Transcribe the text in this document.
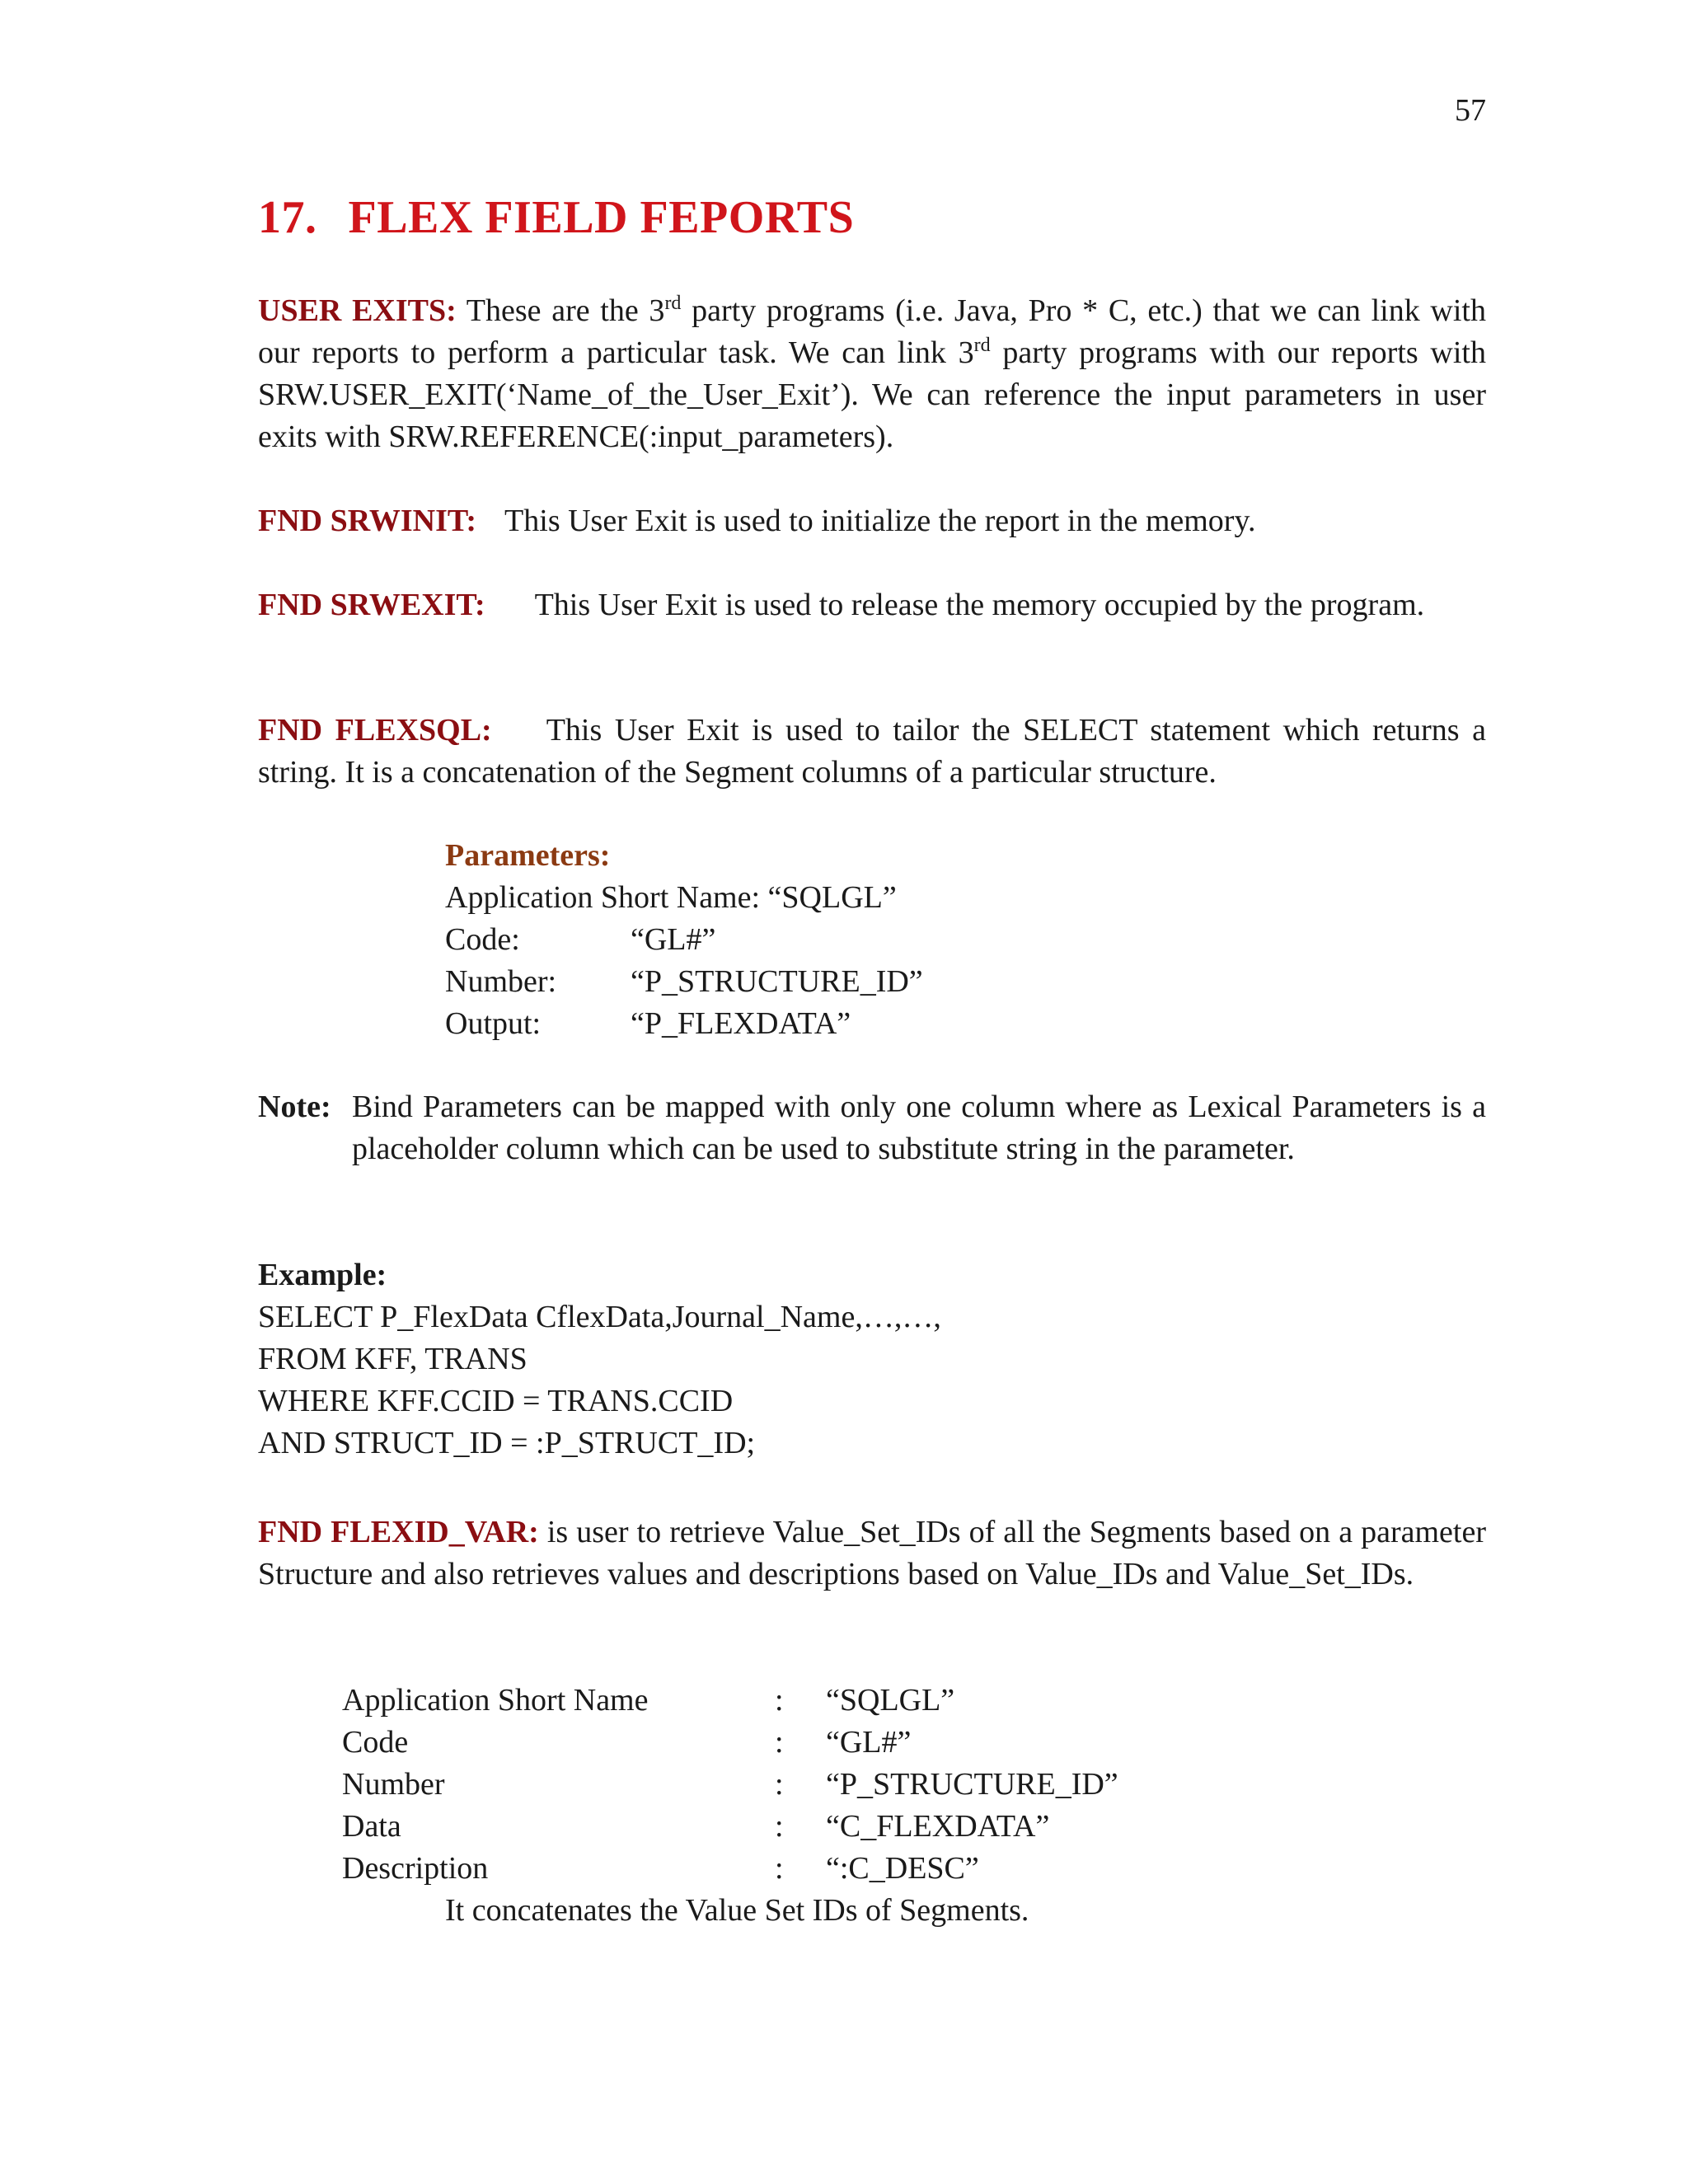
57
17. FLEX FIELD FEPORTS
USER EXITS: These are the 3rd party programs (i.e. Java, Pro * C, etc.) that we can link with our reports to perform a particular task. We can link 3rd party programs with our reports with SRW.USER_EXIT(‘Name_of_the_User_Exit’). We can reference the input parameters in user exits with SRW.REFERENCE(:input_parameters).
FND SRWINIT: This User Exit is used to initialize the report in the memory.
FND SRWEXIT: This User Exit is used to release the memory occupied by the program.
FND FLEXSQL: This User Exit is used to tailor the SELECT statement which returns a string. It is a concatenation of the Segment columns of a particular structure.
Parameters:
Application Short Name: “SQLGL”
Code:	“GL#”
Number:	“P_STRUCTURE_ID”
Output:	“P_FLEXDATA”
Note: Bind Parameters can be mapped with only one column where as Lexical Parameters is a placeholder column which can be used to substitute string in the parameter.
Example:
SELECT P_FlexData CflexData,Journal_Name,…,…,
FROM KFF, TRANS
WHERE KFF.CCID = TRANS.CCID
AND STRUCT_ID = :P_STRUCT_ID;
FND FLEXID_VAR: is user to retrieve Value_Set_IDs of all the Segments based on a parameter Structure and also retrieves values and descriptions based on Value_IDs and Value_Set_IDs.
Application Short Name	:	“SQLGL”
Code	:	“GL#”
Number	:	“P_STRUCTURE_ID”
Data	:	“C_FLEXDATA”
Description	:	“:C_DESC”
It concatenates the Value Set IDs of Segments.
